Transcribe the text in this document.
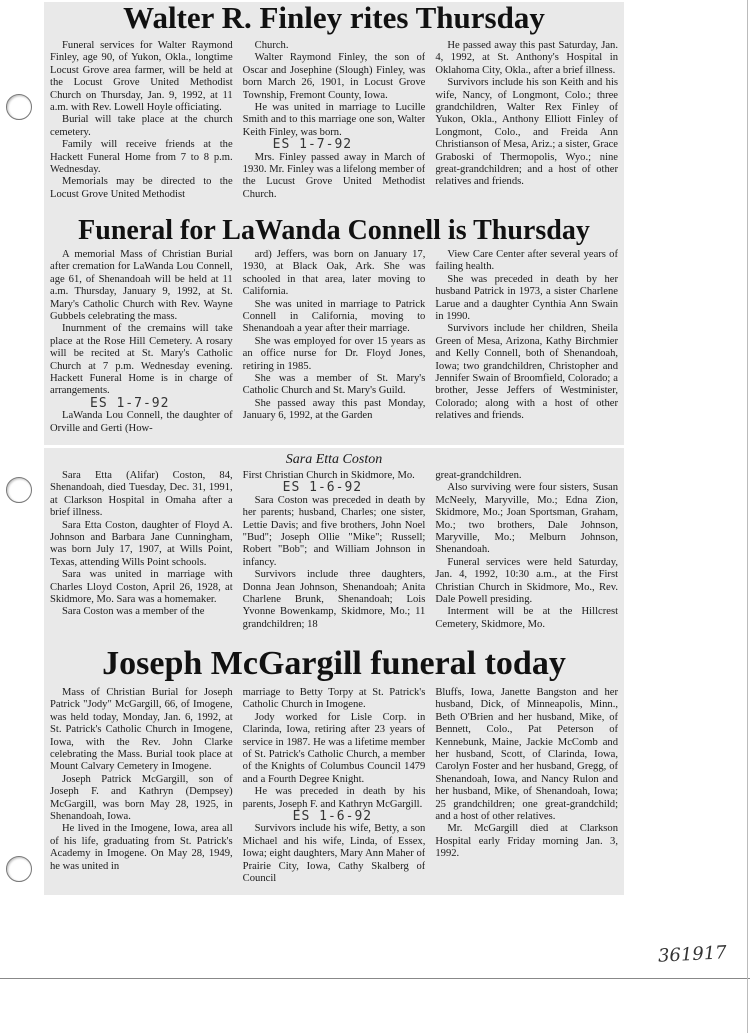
Walter R. Finley rites Thursday

Funeral services for Walter Raymond Finley, age 90, of Yukon, Okla., longtime Locust Grove area farmer, will be held at the Locust Grove United Methodist Church on Thursday, Jan. 9, 1992, at 11 a.m. with Rev. Lowell Hoyle officiating.

Burial will take place at the church cemetery.

Family will receive friends at the Hackett Funeral Home from 7 to 8 p.m. Wednesday.

Memorials may be directed to the Locust Grove United Methodist

Church.

Walter Raymond Finley, the son of Oscar and Josephine (Slough) Finley, was born March 26, 1901, in Locust Grove Township, Fremont County, Iowa.

He was united in marriage to Lucille Smith and to this marriage one son, Walter Keith Finley, was born.

ES 1-7-92

Mrs. Finley passed away in March of 1930. Mr. Finley was a lifelong member of the Lucust Grove United Methodist Church.

He passed away this past Saturday, Jan. 4, 1992, at St. Anthony's Hospital in Oklahoma City, Okla., after a brief illness.

Survivors include his son Keith and his wife, Nancy, of Longmont, Colo.; three grandchildren, Walter Rex Finley of Yukon, Okla., Anthony Elliott Finley of Longmont, Colo., and Freida Ann Christianson of Mesa, Ariz.; a sister, Grace Graboski of Thermopolis, Wyo.; nine great-grandchildren; and a host of other relatives and friends.

Funeral for LaWanda Connell is Thursday

A memorial Mass of Christian Burial after cremation for LaWanda Lou Connell, age 61, of Shenandoah will be held at 11 a.m. Thursday, January 9, 1992, at St. Mary's Catholic Church with Rev. Wayne Gubbels celebrating the mass.

Inurnment of the cremains will take place at the Rose Hill Cemetery. A rosary will be recited at St. Mary's Catholic Church at 7 p.m. Wednesday evening. Hackett Funeral Home is in charge of arrangements.

ES 1-7-92

LaWanda Lou Connell, the daughter of Orville and Gerti (How-

ard) Jeffers, was born on January 17, 1930, at Black Oak, Ark. She was schooled in that area, later moving to California.

She was united in marriage to Patrick Connell in California, moving to Shenandoah a year after their marriage.

She was employed for over 15 years as an office nurse for Dr. Floyd Jones, retiring in 1985.

She was a member of St. Mary's Catholic Church and St. Mary's Guild.

She passed away this past Monday, January 6, 1992, at the Garden

View Care Center after several years of failing health.

She was preceded in death by her husband Patrick in 1973, a sister Charlene Larue and a daughter Cynthia Ann Swain in 1990.

Survivors include her children, Sheila Green of Mesa, Arizona, Kathy Birchmier and Kelly Connell, both of Shenandoah, Iowa; two grandchildren, Christopher and Jennifer Swain of Broomfield, Colorado; a brother, Jesse Jeffers of Westminister, Colorado; along with a host of other relatives and friends.

Sara Etta Coston

Sara Etta (Alifar) Coston, 84, Shenandoah, died Tuesday, Dec. 31, 1991, at Clarkson Hospital in Omaha after a brief illness.

Sara Etta Coston, daughter of Floyd A. Johnson and Barbara Jane Cunningham, was born July 17, 1907, at Wills Point, Texas, attending Wills Point schools.

Sara was united in marriage with Charles Lloyd Coston, April 26, 1928, at Skidmore, Mo. Sara was a homemaker.

Sara Coston was a member of the

First Christian Church in Skidmore, Mo.

ES 1-6-92

Sara Coston was preceded in death by her parents; husband, Charles; one sister, Lettie Davis; and five brothers, John Noel "Bud"; Joseph Ollie "Mike"; Russell; Robert "Bob"; and William Johnson in infancy.

Survivors include three daughters, Donna Jean Johnson, Shenandoah; Anita Charlene Brunk, Shenandoah; Lois Yvonne Bowenkamp, Skidmore, Mo.; 11 grandchildren; 18

great-grandchildren.

Also surviving were four sisters, Susan McNeely, Maryville, Mo.; Edna Zion, Skidmore, Mo.; Joan Sportsman, Graham, Mo.; two brothers, Dale Johnson, Maryville, Mo.; Melburn Johnson, Shenandoah.

Funeral services were held Saturday, Jan. 4, 1992, 10:30 a.m., at the First Christian Church in Skidmore, Mo., Rev. Dale Powell presiding.

Interment will be at the Hillcrest Cemetery, Skidmore, Mo.

Joseph McGargill funeral today

Mass of Christian Burial for Joseph Patrick "Jody" McGargill, 66, of Imogene, was held today, Monday, Jan. 6, 1992, at St. Patrick's Catholic Church in Imogene, Iowa, with the Rev. John Clarke celebrating the Mass. Burial took place at Mount Calvary Cemetery in Imogene.

Joseph Patrick McGargill, son of Joseph F. and Kathryn (Dempsey) McGargill, was born May 28, 1925, in Shenandoah, Iowa.

He lived in the Imogene, Iowa, area all of his life, graduating from St. Patrick's Academy in Imogene. On May 28, 1949, he was united in

marriage to Betty Torpy at St. Patrick's Catholic Church in Imogene.

Jody worked for Lisle Corp. in Clarinda, Iowa, retiring after 23 years of service in 1987. He was a lifetime member of St. Patrick's Catholic Church, a member of the Knights of Columbus Council 1479 and a Fourth Degree Knight.

He was preceded in death by his parents, Joseph F. and Kathryn McGargill.

ES 1-6-92

Survivors include his wife, Betty, a son Michael and his wife, Linda, of Essex, Iowa; eight daughters, Mary Ann Maher of Prairie City, Iowa, Cathy Skalberg of Council

Bluffs, Iowa, Janette Bangston and her husband, Dick, of Minneapolis, Minn., Beth O'Brien and her husband, Mike, of Bennett, Colo., Pat Peterson of Kennebunk, Maine, Jackie McComb and her husband, Scott, of Clarinda, Iowa, Carolyn Foster and her husband, Gregg, of Shenandoah, Iowa, and Nancy Rulon and her husband, Mike, of Shenandoah, Iowa; 25 grandchildren; one great-grandchild; and a host of other relatives.

Mr. McGargill died at Clarkson Hospital early Friday morning Jan. 3, 1992.

361917
